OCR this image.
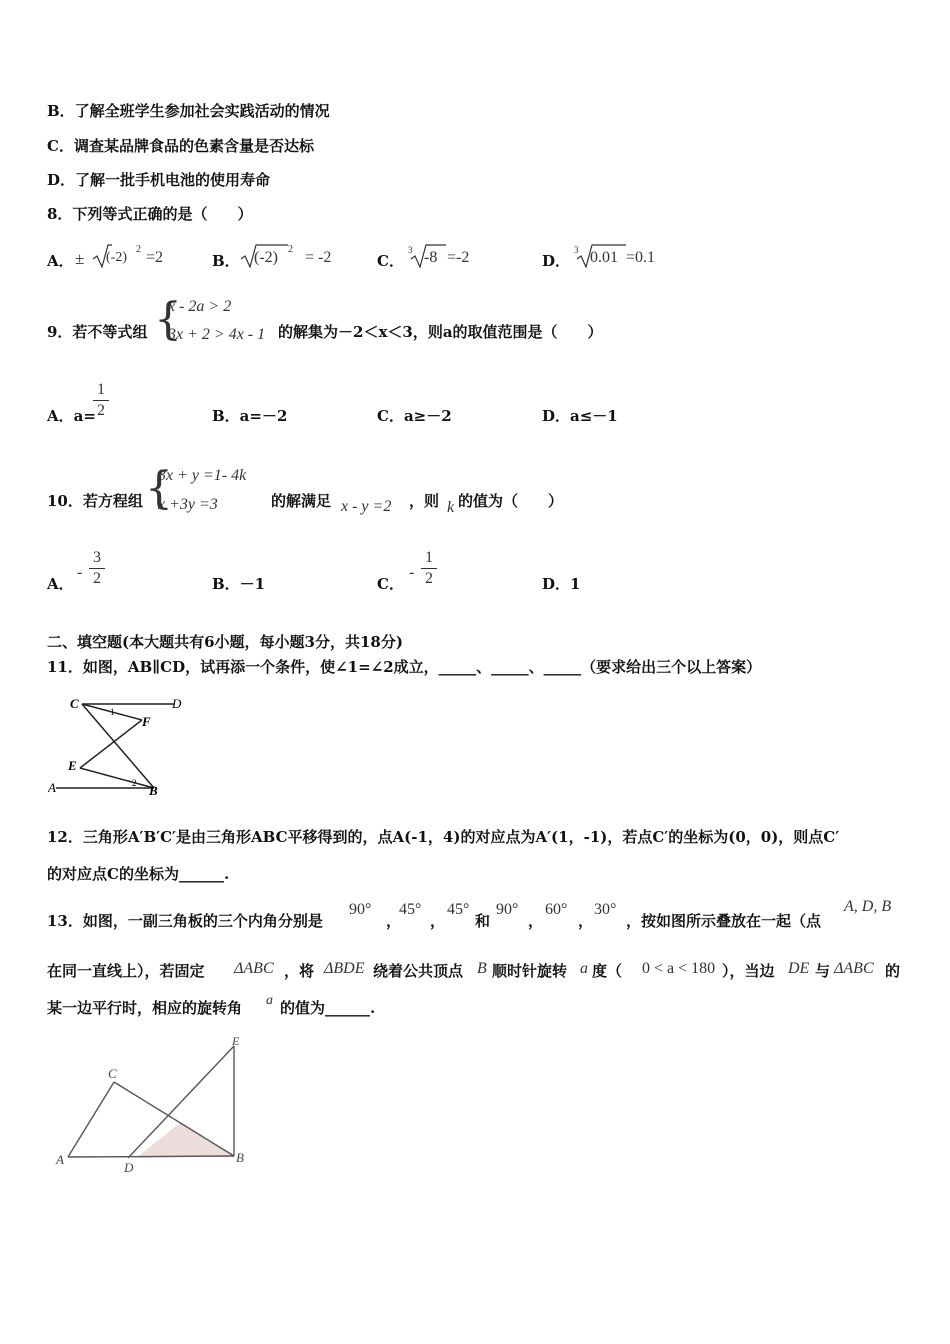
B．了解全班学生参加社会实践活动的情况
C．调查某品牌食品的色素含量是否达标
D．了解一批手机电池的使用寿命
8．下列等式正确的是（　　）
A． ± (-2)
2 =2	B． (-2) 2 = -2	C．
3 -8 =-2	D．
3 0.01 =0.1
9．若不等式组 {
x - 2a > 2
3x + 2 > 4x - 1 的解集为－2＜x＜3，则a的取值范围是（　　）
A．a=
1
2	B．a=－2	C．a≥－2	D．a≤－1
10．若方程组 {
3x + y =1- 4k
x +3y =3	的解满足 x - y =2 ，则 k 的值为（　　）
A．
-
3
2	B．－1	C．
-
1
2	D．1
二、填空题(本大题共有6小题，每小题3分，共18分)
11．如图，AB∥CD，试再添一个条件，使∠1=∠2成立，_____、_____、_____（要求给出三个以上答案）
C	D
F
E
A	B
1
2
12．三角形A′B′C′是由三角形ABC平移得到的，点A(-1，4)的对应点为A′(1，-1)，若点C′的坐标为(0，0)，则点C′
的对应点C的坐标为______.
13．如图，一副三角板的三个内角分别是
90°
，
45°
，
45°
和
90°
，
60°
，
30°
，按如图所示叠放在一起（点
A, D, B
在同一直线上），若固定 ΔABC ，将 ΔBDE 绕着公共顶点 B 顺时针旋转 a 度（ 0 < a < 180 ），当边 DE 与 ΔABC 的
某一边平行时，相应的旋转角 a 的值为______.
C
E
A
D
B
